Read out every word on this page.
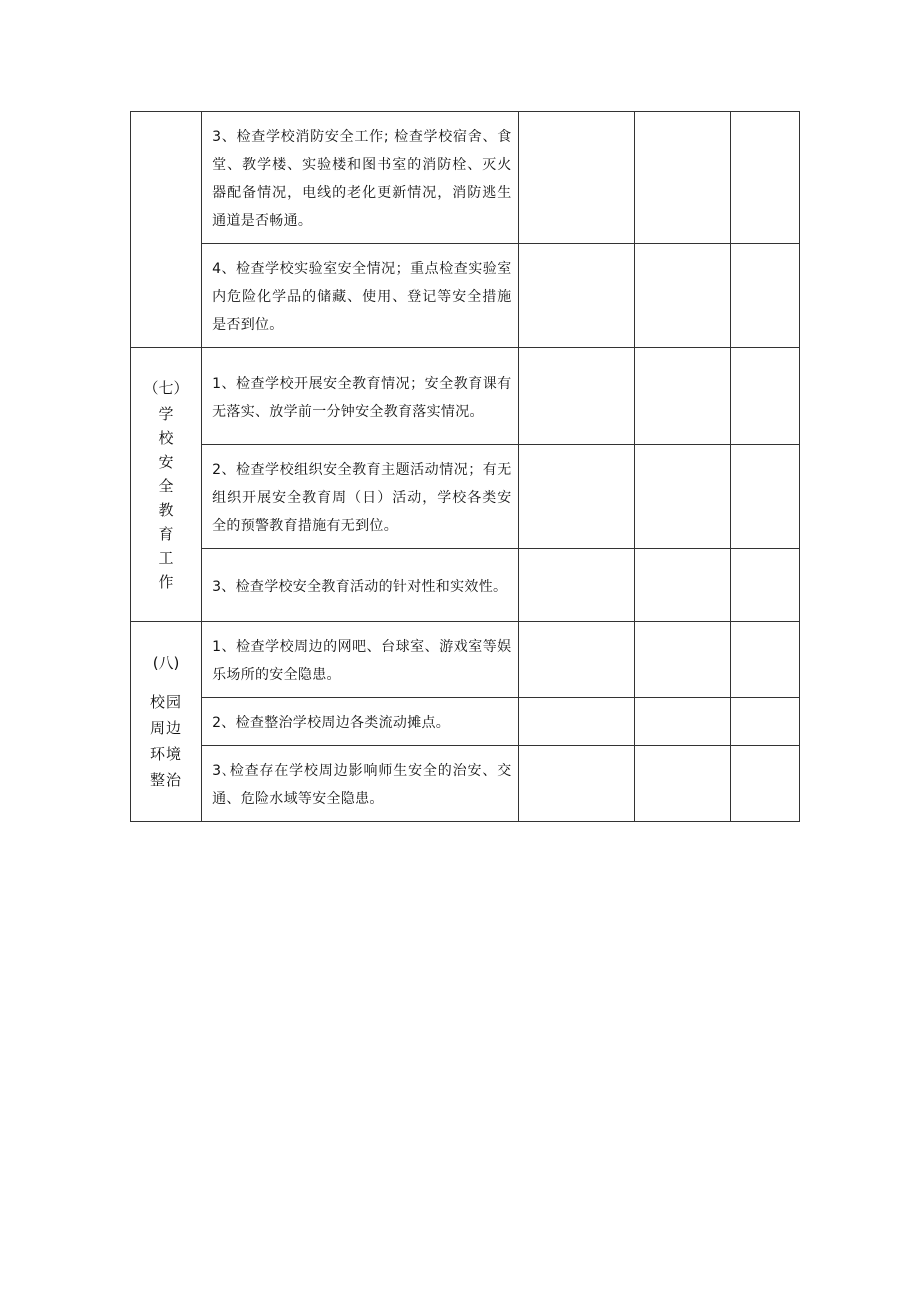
	3、检查学校消防安全工作; 检查学校宿舍、食堂、教学楼、实验楼和图书室的消防栓、灭火器配备情况，电线的老化更新情况，消防逃生通道是否畅通。			
	4、检查学校实验室安全情况；重点检查实验室内危险化学品的储藏、使用、登记等安全措施是否到位。			

（七）
学校安全教育工作	1、检查学校开展安全教育情况；安全教育课有无落实、放学前一分钟安全教育落实情况。			
	2、检查学校组织安全教育主题活动情况；有无组织开展安全教育周（日）活动，学校各类安全的预警教育措施有无到位。			
	3、检查学校安全教育活动的针对性和实效性。			

(八)
校园周边环境整治	1、检查学校周边的网吧、台球室、游戏室等娱乐场所的安全隐患。			
	2、检查整治学校周边各类流动摊点。			
	3､检查存在学校周边影响师生安全的治安、交通、危险水域等安全隐患。			
